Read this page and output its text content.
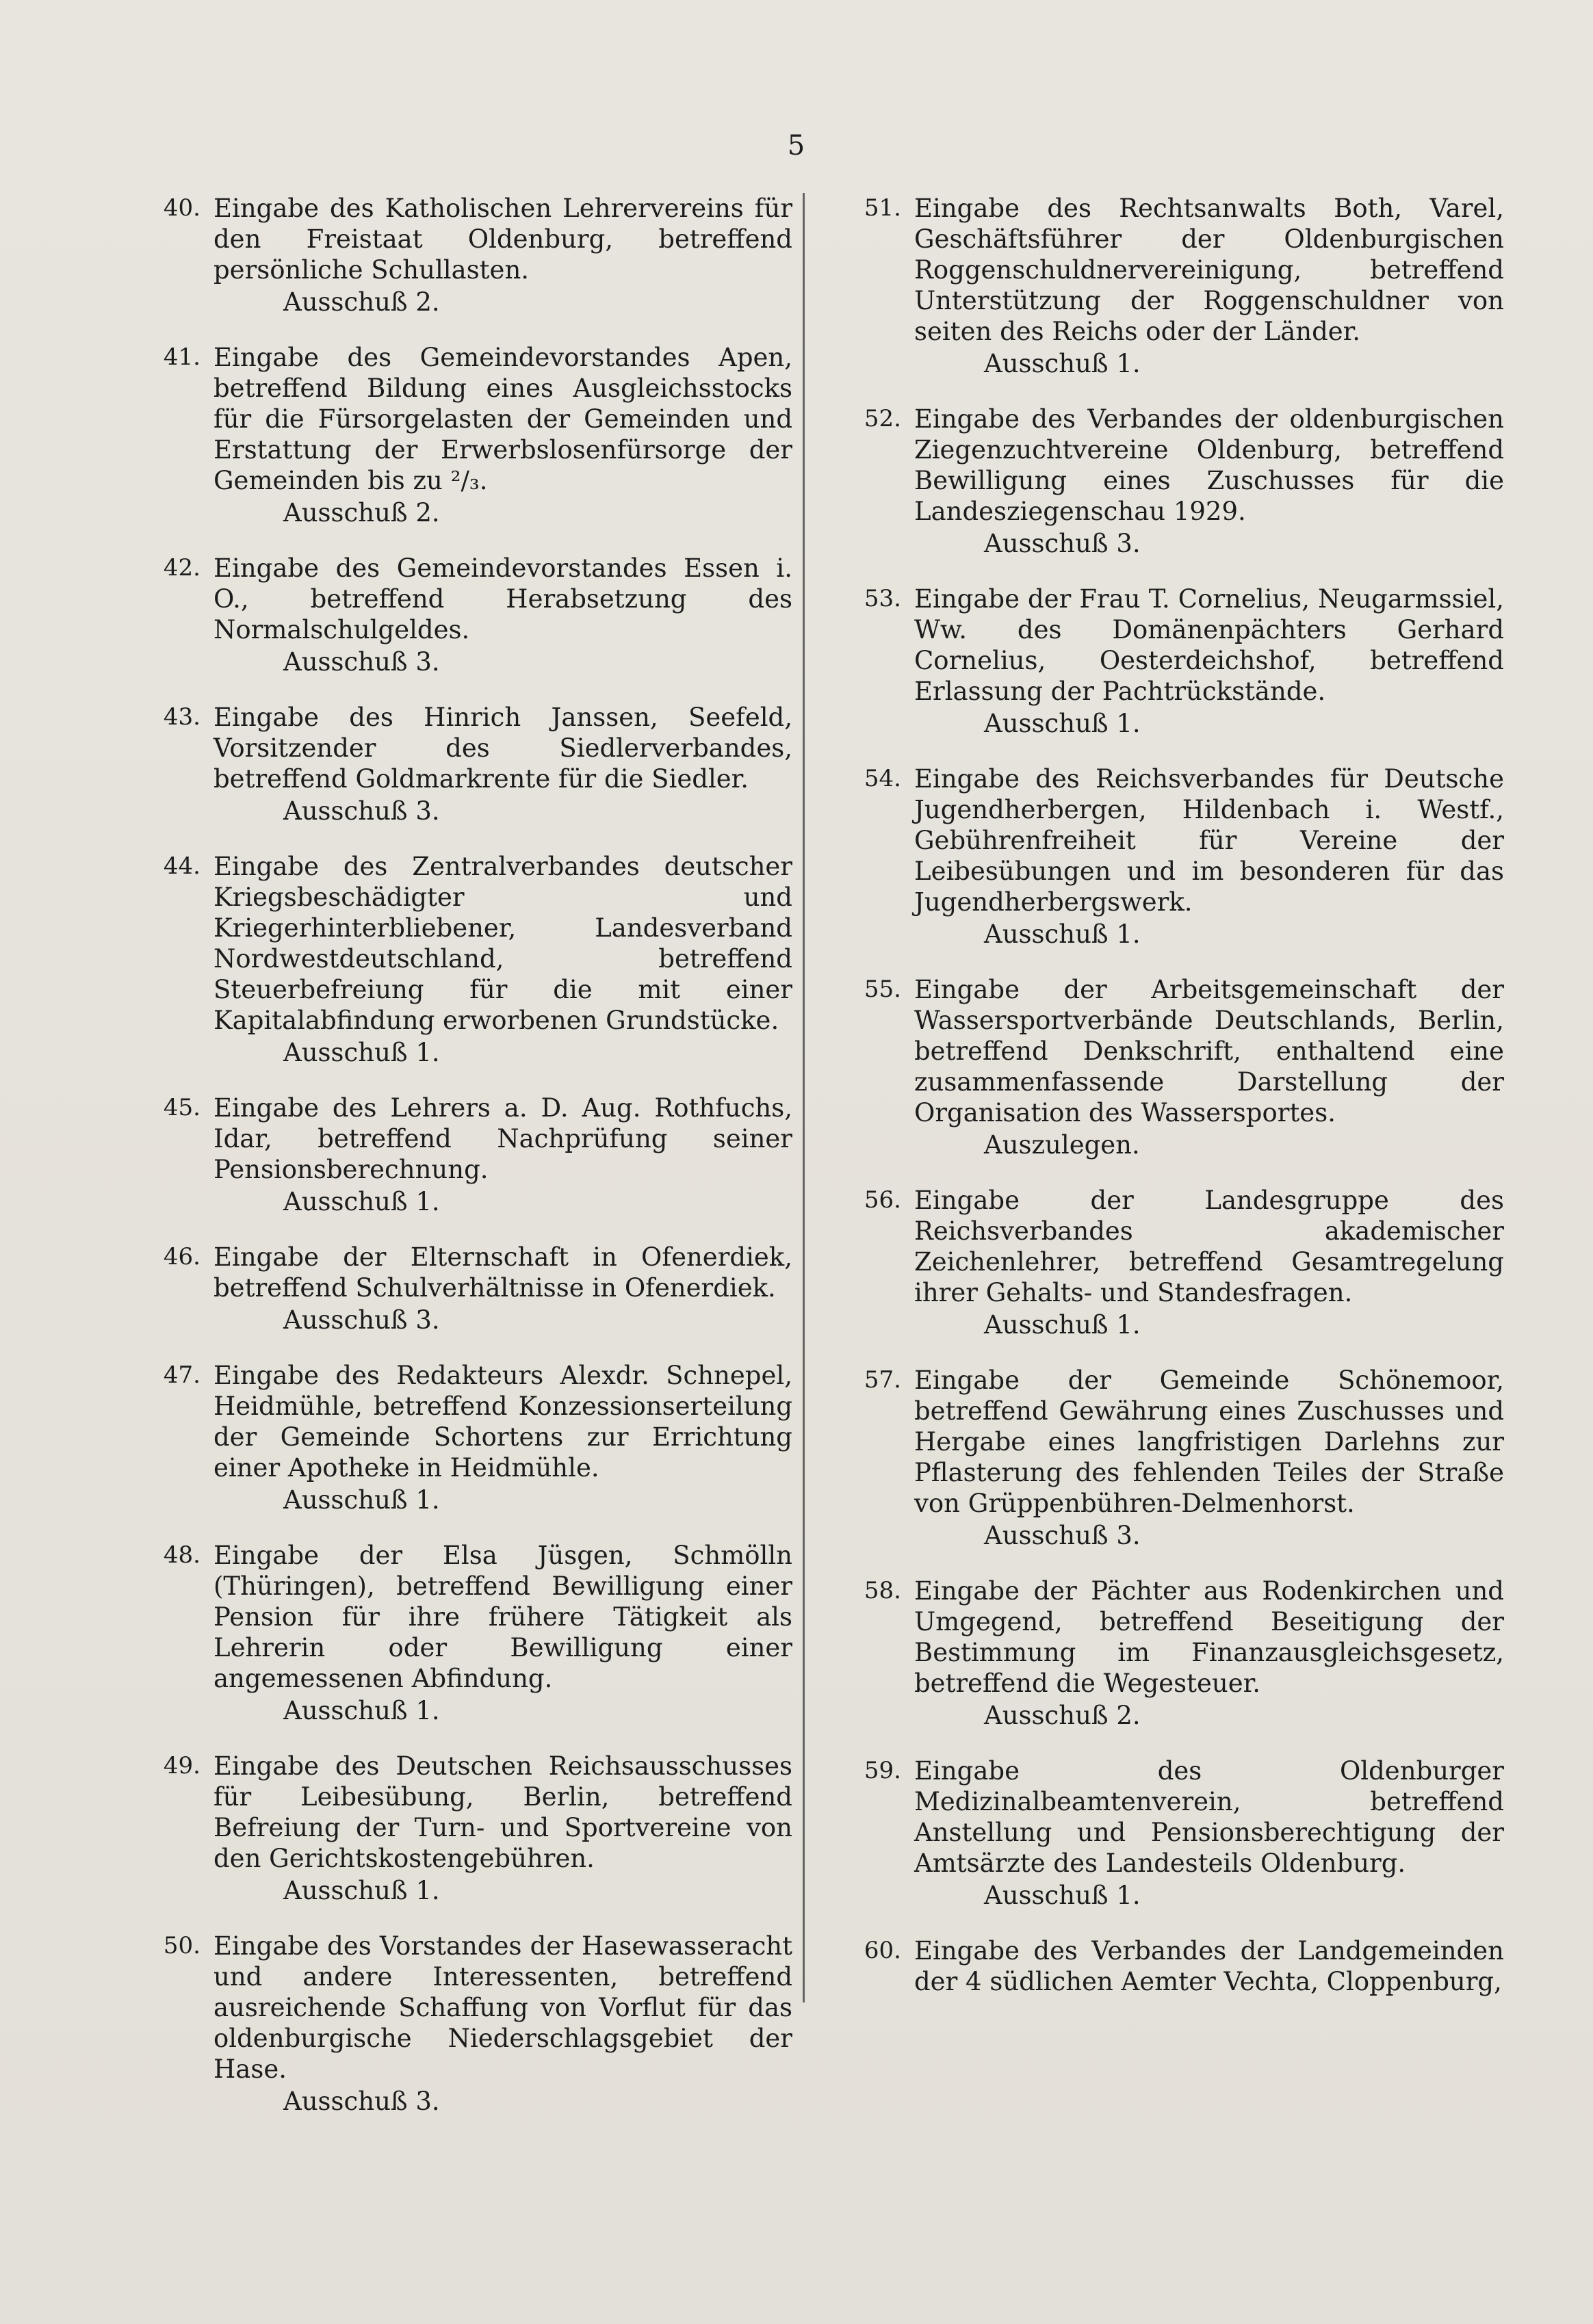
5
40. Eingabe des Katholischen Lehrervereins für den Freistaat Oldenburg, betreffend persönliche Schullasten.
Ausschuß 2.
41. Eingabe des Gemeindevorstandes Apen, betreffend Bildung eines Ausgleichsstocks für die Fürsorgelasten der Gemeinden und Erstattung der Erwerbslosenfürsorge der Gemeinden bis zu ²/₃.
Ausschuß 2.
42. Eingabe des Gemeindevorstandes Essen i. O., betreffend Herabsetzung des Normalschulgeldes.
Ausschuß 3.
43. Eingabe des Hinrich Janssen, Seefeld, Vorsitzender des Siedlerverbandes, betreffend Goldmarkrente für die Siedler.
Ausschuß 3.
44. Eingabe des Zentralverbandes deutscher Kriegsbeschädigter und Kriegerhinterbliebener, Landesverband Nordwestdeutschland, betreffend Steuerbefreiung für die mit einer Kapitalabfindung erworbenen Grundstücke.
Ausschuß 1.
45. Eingabe des Lehrers a. D. Aug. Rothfuchs, Idar, betreffend Nachprüfung seiner Pensionsberechnung.
Ausschuß 1.
46. Eingabe der Elternschaft in Ofenerdiek, betreffend Schulverhältnisse in Ofenerdiek.
Ausschuß 3.
47. Eingabe des Redakteurs Alexdr. Schnepel, Heidmühle, betreffend Konzessionserteilung der Gemeinde Schortens zur Errichtung einer Apotheke in Heidmühle.
Ausschuß 1.
48. Eingabe der Elsa Jüsgen, Schmölln (Thüringen), betreffend Bewilligung einer Pension für ihre frühere Tätigkeit als Lehrerin oder Bewilligung einer angemessenen Abfindung.
Ausschuß 1.
49. Eingabe des Deutschen Reichsausschusses für Leibesübung, Berlin, betreffend Befreiung der Turn- und Sportvereine von den Gerichtskostengebühren.
Ausschuß 1.
50. Eingabe des Vorstandes der Hasewasseracht und andere Interessenten, betreffend ausreichende Schaffung von Vorflut für das oldenburgische Niederschlagsgebiet der Hase.
Ausschuß 3.
51. Eingabe des Rechtsanwalts Both, Varel, Geschäftsführer der Oldenburgischen Roggenschuldnervereinigung, betreffend Unterstützung der Roggenschuldner von seiten des Reichs oder der Länder.
Ausschuß 1.
52. Eingabe des Verbandes der oldenburgischen Ziegenzuchtvereine Oldenburg, betreffend Bewilligung eines Zuschusses für die Landesziegenschau 1929.
Ausschuß 3.
53. Eingabe der Frau T. Cornelius, Neugarmssiel, Ww. des Domänenpächters Gerhard Cornelius, Oesterdeichshof, betreffend Erlassung der Pachtrückstände.
Ausschuß 1.
54. Eingabe des Reichsverbandes für Deutsche Jugendherbergen, Hildenbach i. Westf., Gebührenfreiheit für Vereine der Leibesübungen und im besonderen für das Jugendherbergswerk.
Ausschuß 1.
55. Eingabe der Arbeitsgemeinschaft der Wassersportverbände Deutschlands, Berlin, betreffend Denkschrift, enthaltend eine zusammenfassende Darstellung der Organisation des Wassersportes.
Auszulegen.
56. Eingabe der Landesgruppe des Reichsverbandes akademischer Zeichenlehrer, betreffend Gesamtregelung ihrer Gehalts- und Standesfragen.
Ausschuß 1.
57. Eingabe der Gemeinde Schönemoor, betreffend Gewährung eines Zuschusses und Hergabe eines langfristigen Darlehns zur Pflasterung des fehlenden Teiles der Straße von Grüppenbühren-Delmenhorst.
Ausschuß 3.
58. Eingabe der Pächter aus Rodenkirchen und Umgegend, betreffend Beseitigung der Bestimmung im Finanzausgleichsgesetz, betreffend die Wegesteuer.
Ausschuß 2.
59. Eingabe des Oldenburger Medizinalbeamtenverein, betreffend Anstellung und Pensionsberechtigung der Amtsärzte des Landesteils Oldenburg.
Ausschuß 1.
60. Eingabe des Verbandes der Landgemeinden der 4 südlichen Aemter Vechta, Cloppenburg,
